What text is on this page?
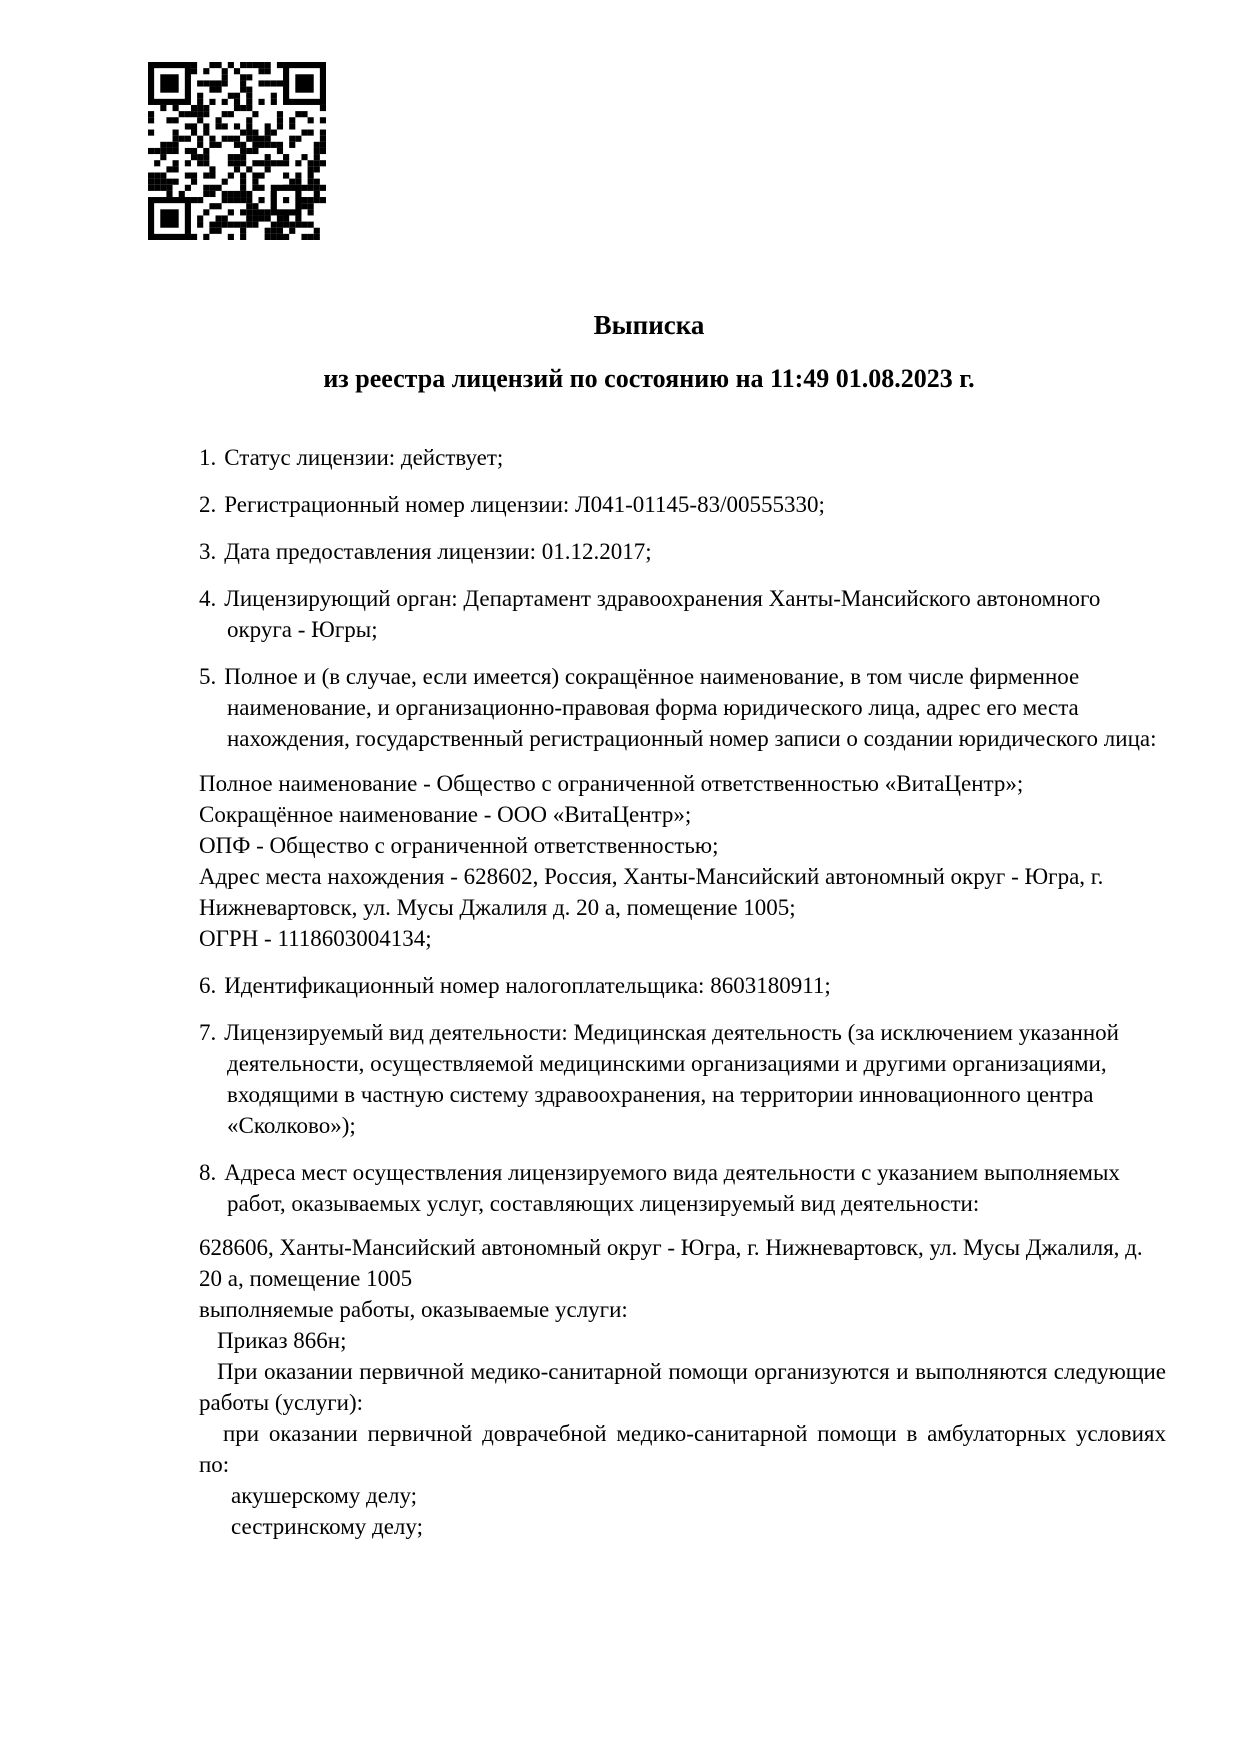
Выписка
из реестра лицензий по состоянию на 11:49 01.08.2023 г.

1. Статус лицензии: действует;

2. Регистрационный номер лицензии: Л041-01145-83/00555330;

3. Дата предоставления лицензии: 01.12.2017;

4. Лицензирующий орган: Департамент здравоохранения Ханты-Мансийского автономного округа - Югры;

5. Полное и (в случае, если имеется) сокращённое наименование, в том числе фирменное наименование, и организационно-правовая форма юридического лица, адрес его места нахождения, государственный регистрационный номер записи о создании юридического лица:

Полное наименование - Общество с ограниченной ответственностью «ВитаЦентр»;

Сокращённое наименование - ООО «ВитаЦентр»;

ОПФ - Общество с ограниченной ответственностью;

Адрес места нахождения - 628602, Россия, Ханты-Мансийский автономный округ - Югра, г. Нижневартовск, ул. Мусы Джалиля д. 20 а, помещение 1005;

ОГРН - 1118603004134;

6. Идентификационный номер налогоплательщика: 8603180911;

7. Лицензируемый вид деятельности: Медицинская деятельность (за исключением указанной деятельности, осуществляемой медицинскими организациями и другими организациями, входящими в частную систему здравоохранения, на территории инновационного центра «Сколково»);

8. Адреса мест осуществления лицензируемого вида деятельности с указанием выполняемых работ, оказываемых услуг, составляющих лицензируемый вид деятельности:

628606, Ханты-Мансийский автономный округ - Югра, г. Нижневартовск, ул. Мусы Джалиля, д. 20 а, помещение 1005

выполняемые работы, оказываемые услуги:

Приказ 866н;

При оказании первичной медико-санитарной помощи организуются и выполняются следующие работы (услуги):

при оказании первичной доврачебной медико-санитарной помощи в амбулаторных условиях по:

акушерскому делу;

сестринскому делу;
